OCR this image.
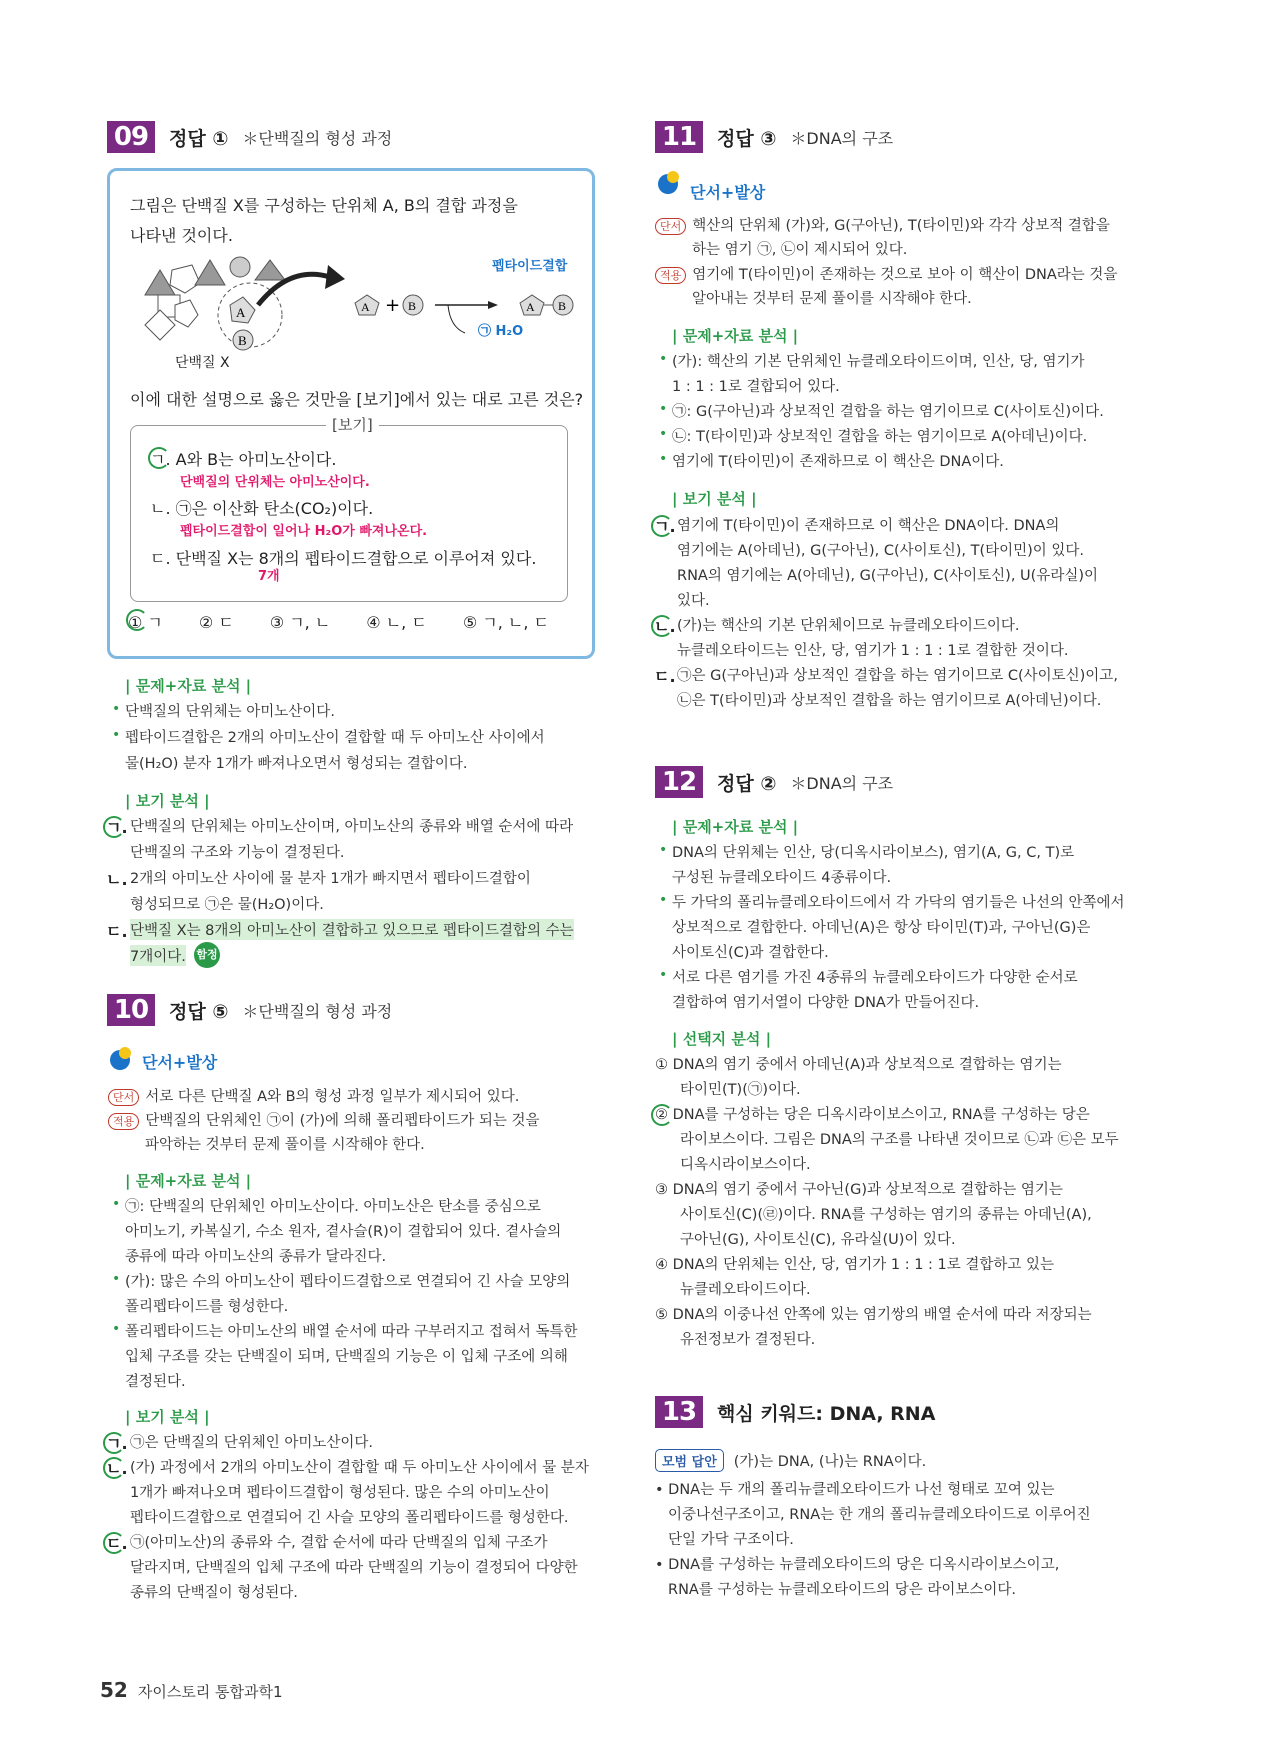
09	정답 ① ＊단백질의 형성 과정
그림은 단백질 X를 구성하는 단위체 A, B의 결합 과정을
나타낸 것이다.
A
B
A + B	A B
펩타이드결합
㉠ H₂O
단백질 X
이에 대한 설명으로 옳은 것만을 [보기]에서 있는 대로 고른 것은?
[보기]
ㄱ. A와 B는 아미노산이다.
단백질의 단위체는 아미노산이다.
ㄴ. ㉠은 이산화 탄소(CO₂)이다.
펩타이드결합이 일어나 H₂O가 빠져나온다.
ㄷ. 단백질 X는 8개의 펩타이드결합으로 이루어져 있다.
7개
① ㄱ ② ㄷ ③ ㄱ, ㄴ ④ ㄴ, ㄷ ⑤ ㄱ, ㄴ, ㄷ
| 문제+자료 분석 |
• 단백질의 단위체는 아미노산이다.
• 펩타이드결합은 2개의 아미노산이 결합할 때 두 아미노산 사이에서
물(H₂O) 분자 1개가 빠져나오면서 형성되는 결합이다.
| 보기 분석 |
ㄱ. 단백질의 단위체는 아미노산이며, 아미노산의 종류와 배열 순서에 따라
단백질의 구조와 기능이 결정된다.
ㄴ. 2개의 아미노산 사이에 물 분자 1개가 빠지면서 펩타이드결합이
형성되므로 ㉠은 물(H₂O)이다.
ㄷ. 단백질 X는 8개의 아미노산이 결합하고 있으므로 펩타이드결합의 수는
7개이다. 함정
10	정답 ⑤ ＊단백질의 형성 과정
단서+발상
단서 서로 다른 단백질 A와 B의 형성 과정 일부가 제시되어 있다.
적용 단백질의 단위체인 ㉠이 (가)에 의해 폴리펩타이드가 되는 것을
파악하는 것부터 문제 풀이를 시작해야 한다.
| 문제+자료 분석 |
• ㉠: 단백질의 단위체인 아미노산이다. 아미노산은 탄소를 중심으로
아미노기, 카복실기, 수소 원자, 곁사슬(R)이 결합되어 있다. 곁사슬의
종류에 따라 아미노산의 종류가 달라진다.
• (가): 많은 수의 아미노산이 펩타이드결합으로 연결되어 긴 사슬 모양의
폴리펩타이드를 형성한다.
• 폴리펩타이드는 아미노산의 배열 순서에 따라 구부러지고 접혀서 독특한
입체 구조를 갖는 단백질이 되며, 단백질의 기능은 이 입체 구조에 의해
결정된다.
| 보기 분석 |
ㄱ. ㉠은 단백질의 단위체인 아미노산이다.
ㄴ. (가) 과정에서 2개의 아미노산이 결합할 때 두 아미노산 사이에서 물 분자
1개가 빠져나오며 펩타이드결합이 형성된다. 많은 수의 아미노산이
펩타이드결합으로 연결되어 긴 사슬 모양의 폴리펩타이드를 형성한다.
ㄷ. ㉠(아미노산)의 종류와 수, 결합 순서에 따라 단백질의 입체 구조가
달라지며, 단백질의 입체 구조에 따라 단백질의 기능이 결정되어 다양한
종류의 단백질이 형성된다.
11	정답 ③ ＊DNA의 구조
단서+발상
단서 핵산의 단위체 (가)와, G(구아닌), T(타이민)와 각각 상보적 결합을
하는 염기 ㉠, ㉡이 제시되어 있다.
적용 염기에 T(타이민)이 존재하는 것으로 보아 이 핵산이 DNA라는 것을
알아내는 것부터 문제 풀이를 시작해야 한다.
| 문제+자료 분석 |
• (가): 핵산의 기본 단위체인 뉴클레오타이드이며, 인산, 당, 염기가
1 : 1 : 1로 결합되어 있다.
• ㉠: G(구아닌)과 상보적인 결합을 하는 염기이므로 C(사이토신)이다.
• ㉡: T(타이민)과 상보적인 결합을 하는 염기이므로 A(아데닌)이다.
• 염기에 T(타이민)이 존재하므로 이 핵산은 DNA이다.
| 보기 분석 |
ㄱ. 염기에 T(타이민)이 존재하므로 이 핵산은 DNA이다. DNA의
염기에는 A(아데닌), G(구아닌), C(사이토신), T(타이민)이 있다.
RNA의 염기에는 A(아데닌), G(구아닌), C(사이토신), U(유라실)이
있다.
ㄴ. (가)는 핵산의 기본 단위체이므로 뉴클레오타이드이다.
뉴클레오타이드는 인산, 당, 염기가 1 : 1 : 1로 결합한 것이다.
ㄷ. ㉠은 G(구아닌)과 상보적인 결합을 하는 염기이므로 C(사이토신)이고,
㉡은 T(타이민)과 상보적인 결합을 하는 염기이므로 A(아데닌)이다.
12	정답 ② ＊DNA의 구조
| 문제+자료 분석 |
• DNA의 단위체는 인산, 당(디옥시라이보스), 염기(A, G, C, T)로
구성된 뉴클레오타이드 4종류이다.
• 두 가닥의 폴리뉴클레오타이드에서 각 가닥의 염기들은 나선의 안쪽에서
상보적으로 결합한다. 아데닌(A)은 항상 타이민(T)과, 구아닌(G)은
사이토신(C)과 결합한다.
• 서로 다른 염기를 가진 4종류의 뉴클레오타이드가 다양한 순서로
결합하여 염기서열이 다양한 DNA가 만들어진다.
| 선택지 분석 |
① DNA의 염기 중에서 아데닌(A)과 상보적으로 결합하는 염기는
타이민(T)(㉠)이다.
② DNA를 구성하는 당은 디옥시라이보스이고, RNA를 구성하는 당은
라이보스이다. 그림은 DNA의 구조를 나타낸 것이므로 ㉡과 ㉢은 모두
디옥시라이보스이다.
③ DNA의 염기 중에서 구아닌(G)과 상보적으로 결합하는 염기는
사이토신(C)(㉣)이다. RNA를 구성하는 염기의 종류는 아데닌(A),
구아닌(G), 사이토신(C), 유라실(U)이 있다.
④ DNA의 단위체는 인산, 당, 염기가 1 : 1 : 1로 결합하고 있는
뉴클레오타이드이다.
⑤ DNA의 이중나선 안쪽에 있는 염기쌍의 배열 순서에 따라 저장되는
유전정보가 결정된다.
13	핵심 키워드: DNA, RNA
모범 답안 (가)는 DNA, (나)는 RNA이다.
• DNA는 두 개의 폴리뉴클레오타이드가 나선 형태로 꼬여 있는
이중나선구조이고, RNA는 한 개의 폴리뉴클레오타이드로 이루어진
단일 가닥 구조이다.
• DNA를 구성하는 뉴클레오타이드의 당은 디옥시라이보스이고,
RNA를 구성하는 뉴클레오타이드의 당은 라이보스이다.
52 자이스토리 통합과학1
